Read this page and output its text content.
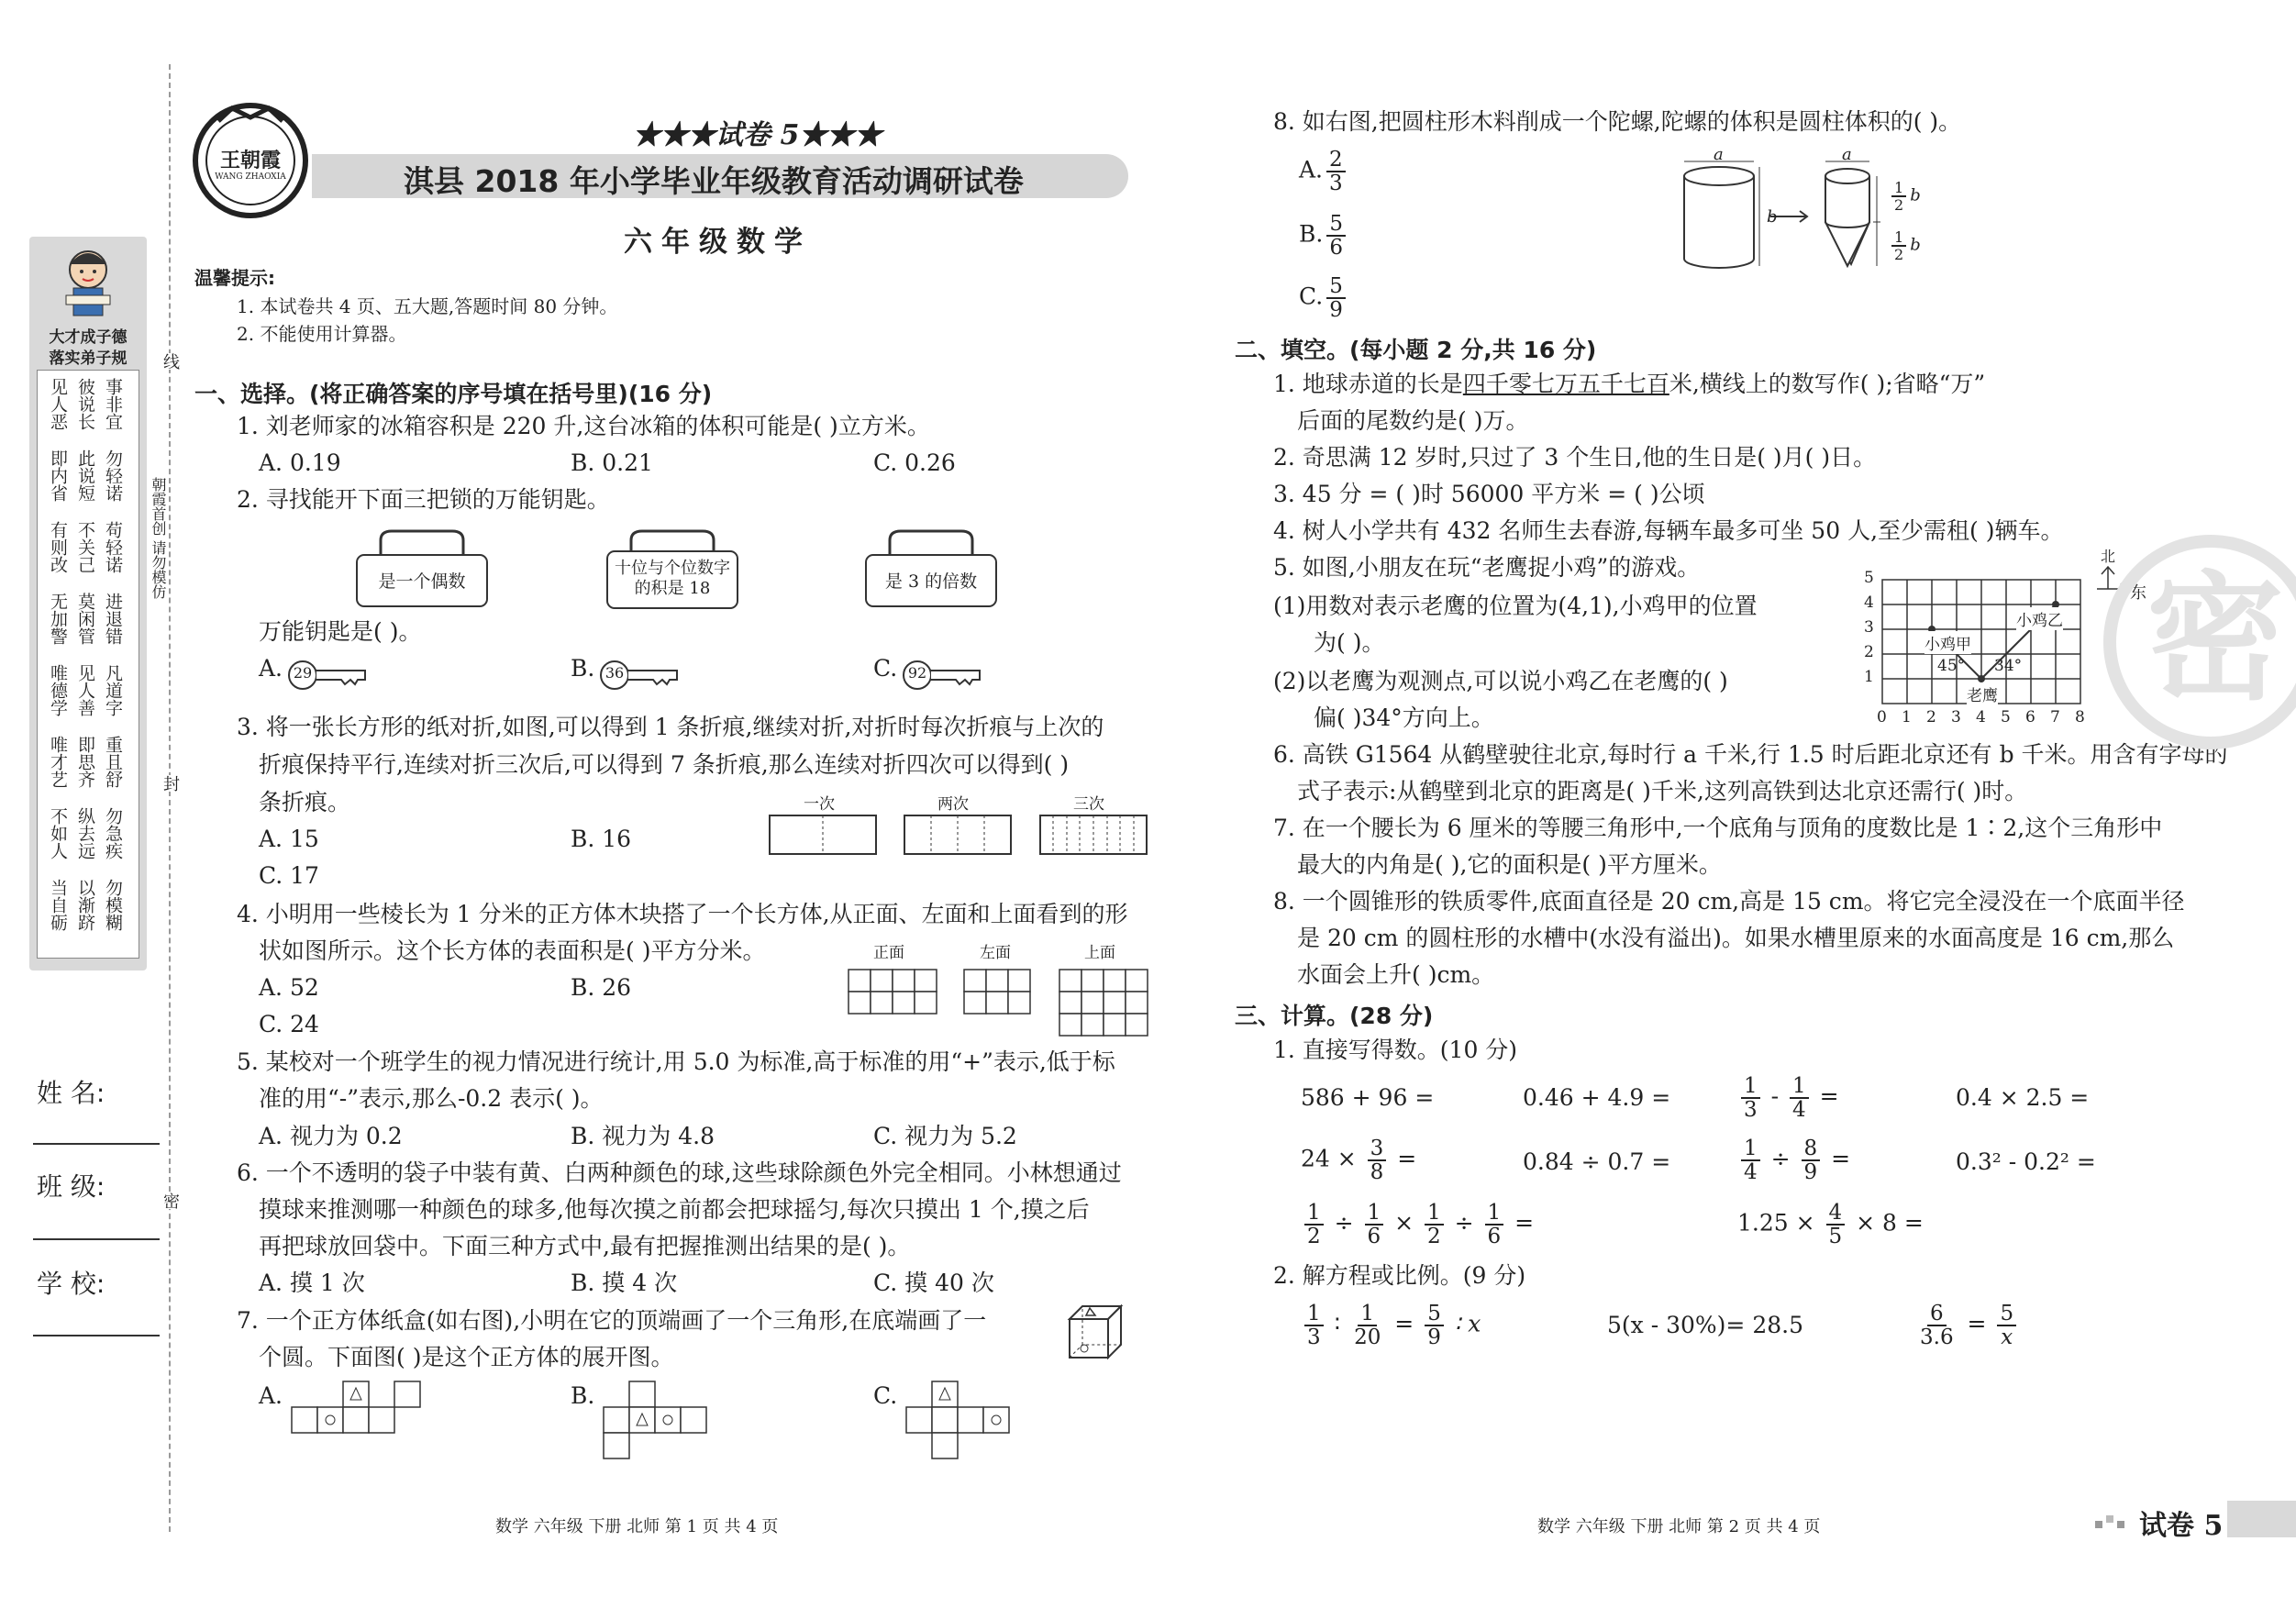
大才成子德
落实弟子规
见人恶 彼说长 事非宜
即内省 此说短 勿轻诺
有则改 不关己 苟轻诺
无加警 莫闲管 进退错
唯德学 见人善 凡道字
唯才艺 即思齐 重且舒
不如人 纵去远 勿急疾
当自砺 以渐跻 勿模糊
线
朝霞首创 请勿模仿
封
密
姓 名:
班 级:
学 校:
王朝霞
WANG ZHAOXIA
★★★试卷 5★★★
淇县 2018 年小学毕业年级教育活动调研试卷
六年级数学
温馨提示:
1. 本试卷共 4 页、五大题,答题时间 80 分钟。
2. 不能使用计算器。
一、选择。(将正确答案的序号填在括号里)(16 分)
1. 刘老师家的冰箱容积是 220 升,这台冰箱的体积可能是( )立方米。
A. 0.19	B. 0.21	C. 0.26
2. 寻找能开下面三把锁的万能钥匙。
是一个偶数
十位与个位数字的积是 18	是 3 的倍数
万能钥匙是( )。
A. 29	B. 36	C. 92
3. 将一张长方形的纸对折,如图,可以得到 1 条折痕,继续对折,对折时每次折痕与上次的
折痕保持平行,连续对折三次后,可以得到 7 条折痕,那么连续对折四次可以得到( )
条折痕。
A. 15	B. 16
C. 17
一次	两次	三次
4. 小明用一些棱长为 1 分米的正方体木块搭了一个长方体,从正面、左面和上面看到的形
状如图所示。这个长方体的表面积是( )平方分米。
A. 52	B. 26
C. 24
正面	左面	上面
5. 某校对一个班学生的视力情况进行统计,用 5.0 为标准,高于标准的用“+”表示,低于标
准的用“-”表示,那么-0.2 表示( )。
A. 视力为 0.2	B. 视力为 4.8	C. 视力为 5.2
6. 一个不透明的袋子中装有黄、白两种颜色的球,这些球除颜色外完全相同。小林想通过
摸球来推测哪一种颜色的球多,他每次摸之前都会把球摇匀,每次只摸出 1 个,摸之后
再把球放回袋中。下面三种方式中,最有把握推测出结果的是( )。
A. 摸 1 次	B. 摸 4 次	C. 摸 40 次
7. 一个正方体纸盒(如右图),小明在它的顶端画了一个三角形,在底端画了一
个圆。下面图( )是这个正方体的展开图。
A.	B.	C.
数学 六年级 下册 北师 第 1 页 共 4 页
8. 如右图,把圆柱形木料削成一个陀螺,陀螺的体积是圆柱体积的( )。
A. $\frac{2}{3}$
B. $\frac{5}{6}$
C. $\frac{5}{9}$
a
b
a
$\frac{1}{2}$ b
$\frac{1}{2}$ b
二、填空。(每小题 2 分,共 16 分)
1. 地球赤道的长是四千零七万五千七百米,横线上的数写作( );省略“万”
后面的尾数约是( )万。
2. 奇思满 12 岁时,只过了 3 个生日,他的生日是( )月( )日。
3. 45 分 = ( )时 56000 平方米 = ( )公顷
4. 树人小学共有 432 名师生去春游,每辆车最多可坐 50 人,至少需租( )辆车。
5. 如图,小朋友在玩“老鹰捉小鸡”的游戏。
(1)用数对表示老鹰的位置为(4,1),小鸡甲的位置
为( )。
(2)以老鹰为观测点,可以说小鸡乙在老鹰的( )
偏( )34°方向上。
北
东
小鸡甲
小鸡乙
老鹰
45° 34°
0 1 2 3 4 5 6 7 8
1
2
3
4
5
6. 高铁 G1564 从鹤壁驶往北京,每时行 a 千米,行 1.5 时后距北京还有 b 千米。用含有字母的
式子表示:从鹤壁到北京的距离是( )千米,这列高铁到达北京还需行( )时。
7. 在一个腰长为 6 厘米的等腰三角形中,一个底角与顶角的度数比是 1∶2,这个三角形中
最大的内角是( ),它的面积是( )平方厘米。
8. 一个圆锥形的铁质零件,底面直径是 20 cm,高是 15 cm。将它完全浸没在一个底面半径
是 20 cm 的圆柱形的水槽中(水没有溢出)。如果水槽里原来的水面高度是 16 cm,那么
水面会上升( )cm。
三、计算。(28 分)
1. 直接写得数。(10 分)
586 + 96 =	0.46 + 4.9 =	$\frac{1}{3} - \frac{1}{4}$ =	0.4 × 2.5 =
$24 \times \frac{3}{8}$ =	0.84 ÷ 0.7 =	$\frac{1}{4} \div \frac{8}{9}$ =	0.3² - 0.2² =
$\frac{1}{2} \div \frac{1}{6} \times \frac{1}{2} \div \frac{1}{6}$ =	$1.25 \times \frac{4}{5} \times 8$ =
2. 解方程或比例。(9 分)
$\frac{1}{3}$ ∶ $\frac{1}{20} = \frac{5}{9}$ ∶ x	5(x - 30%)= 28.5	$\frac{6}{3.6} = \frac{5}{x}$
密
数学 六年级 下册 北师 第 2 页 共 4 页	试卷 5
